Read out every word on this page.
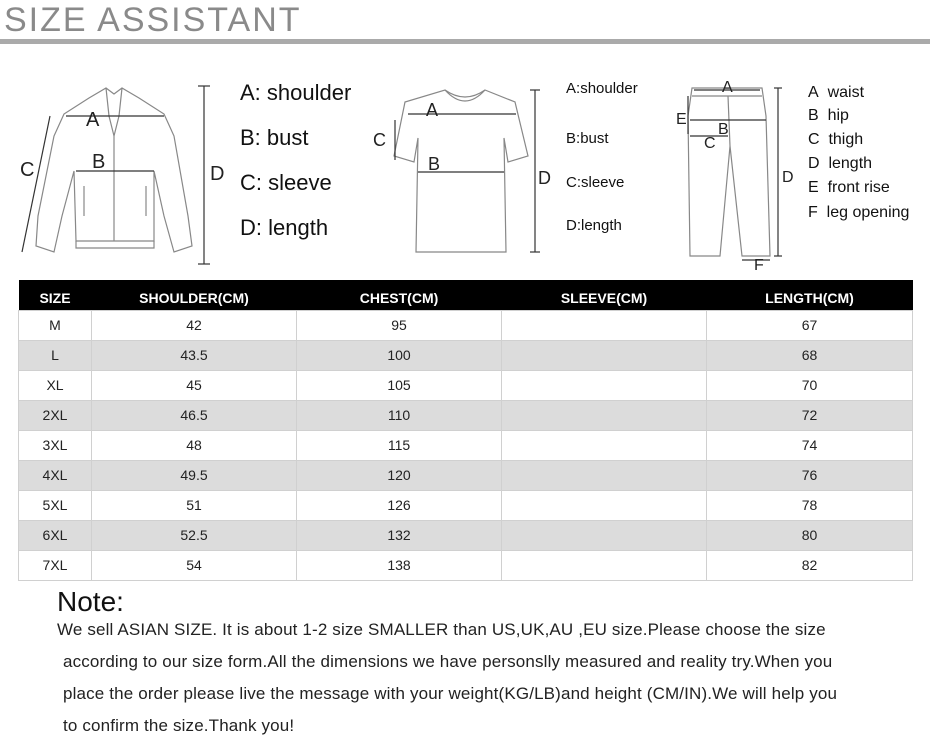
SIZE ASSISTANT
A
B
C	D
A: shoulder
B: bust
C: sleeve
D: length
A
B
C
D
A:shoulder
B:bust
C:sleeve
D:length
A
B
C
D
E
F
A waist
B hip
C thigh
D length
E front rise
F leg opening
SIZE	SHOULDER(CM)	CHEST(CM)	SLEEVE(CM)	LENGTH(CM)
M	42	95		67
L	43.5	100		68
XL	45	105		70
2XL	46.5	110		72
3XL	48	115		74
4XL	49.5	120		76
5XL	51	126		78
6XL	52.5	132		80
7XL	54	138		82
Note:
We sell ASIAN SIZE. It is about 1-2 size SMALLER than US,UK,AU ,EU size.Please choose the size
according to our size form.All the dimensions we have personslly measured and reality try.When you
place the order please live the message with your weight(KG/LB)and height (CM/IN).We will help you
to confirm the size.Thank you!
